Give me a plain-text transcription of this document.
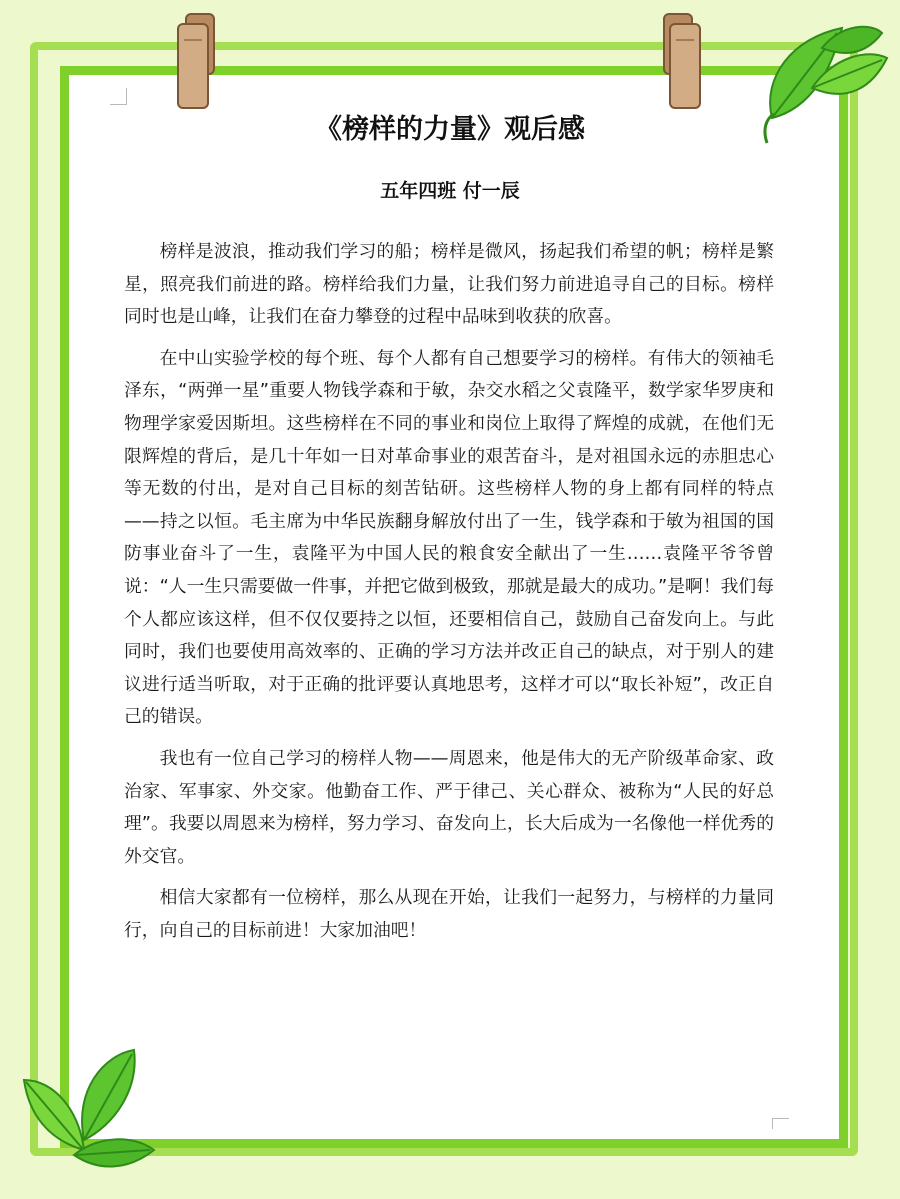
《榜样的力量》观后感
五年四班 付一辰

榜样是波浪，推动我们学习的船；榜样是微风，扬起我们希望的帆；榜样是繁星，照亮我们前进的路。榜样给我们力量，让我们努力前进追寻自己的目标。榜样同时也是山峰，让我们在奋力攀登的过程中品味到收获的欣喜。

在中山实验学校的每个班、每个人都有自己想要学习的榜样。有伟大的领袖毛泽东，“两弹一星”重要人物钱学森和于敏，杂交水稻之父袁隆平，数学家华罗庚和物理学家爱因斯坦。这些榜样在不同的事业和岗位上取得了辉煌的成就，在他们无限辉煌的背后，是几十年如一日对革命事业的艰苦奋斗，是对祖国永远的赤胆忠心等无数的付出，是对自己目标的刻苦钻研。这些榜样人物的身上都有同样的特点——持之以恒。毛主席为中华民族翻身解放付出了一生，钱学森和于敏为祖国的国防事业奋斗了一生，袁隆平为中国人民的粮食安全献出了一生……袁隆平爷爷曾说：“人一生只需要做一件事，并把它做到极致，那就是最大的成功。”是啊！我们每个人都应该这样，但不仅仅要持之以恒，还要相信自己，鼓励自己奋发向上。与此同时，我们也要使用高效率的、正确的学习方法并改正自己的缺点，对于别人的建议进行适当听取，对于正确的批评要认真地思考，这样才可以“取长补短”，改正自己的错误。

我也有一位自己学习的榜样人物——周恩来，他是伟大的无产阶级革命家、政治家、军事家、外交家。他勤奋工作、严于律己、关心群众、被称为“人民的好总理”。我要以周恩来为榜样，努力学习、奋发向上，长大后成为一名像他一样优秀的外交官。

相信大家都有一位榜样，那么从现在开始，让我们一起努力，与榜样的力量同行，向自己的目标前进！大家加油吧！
